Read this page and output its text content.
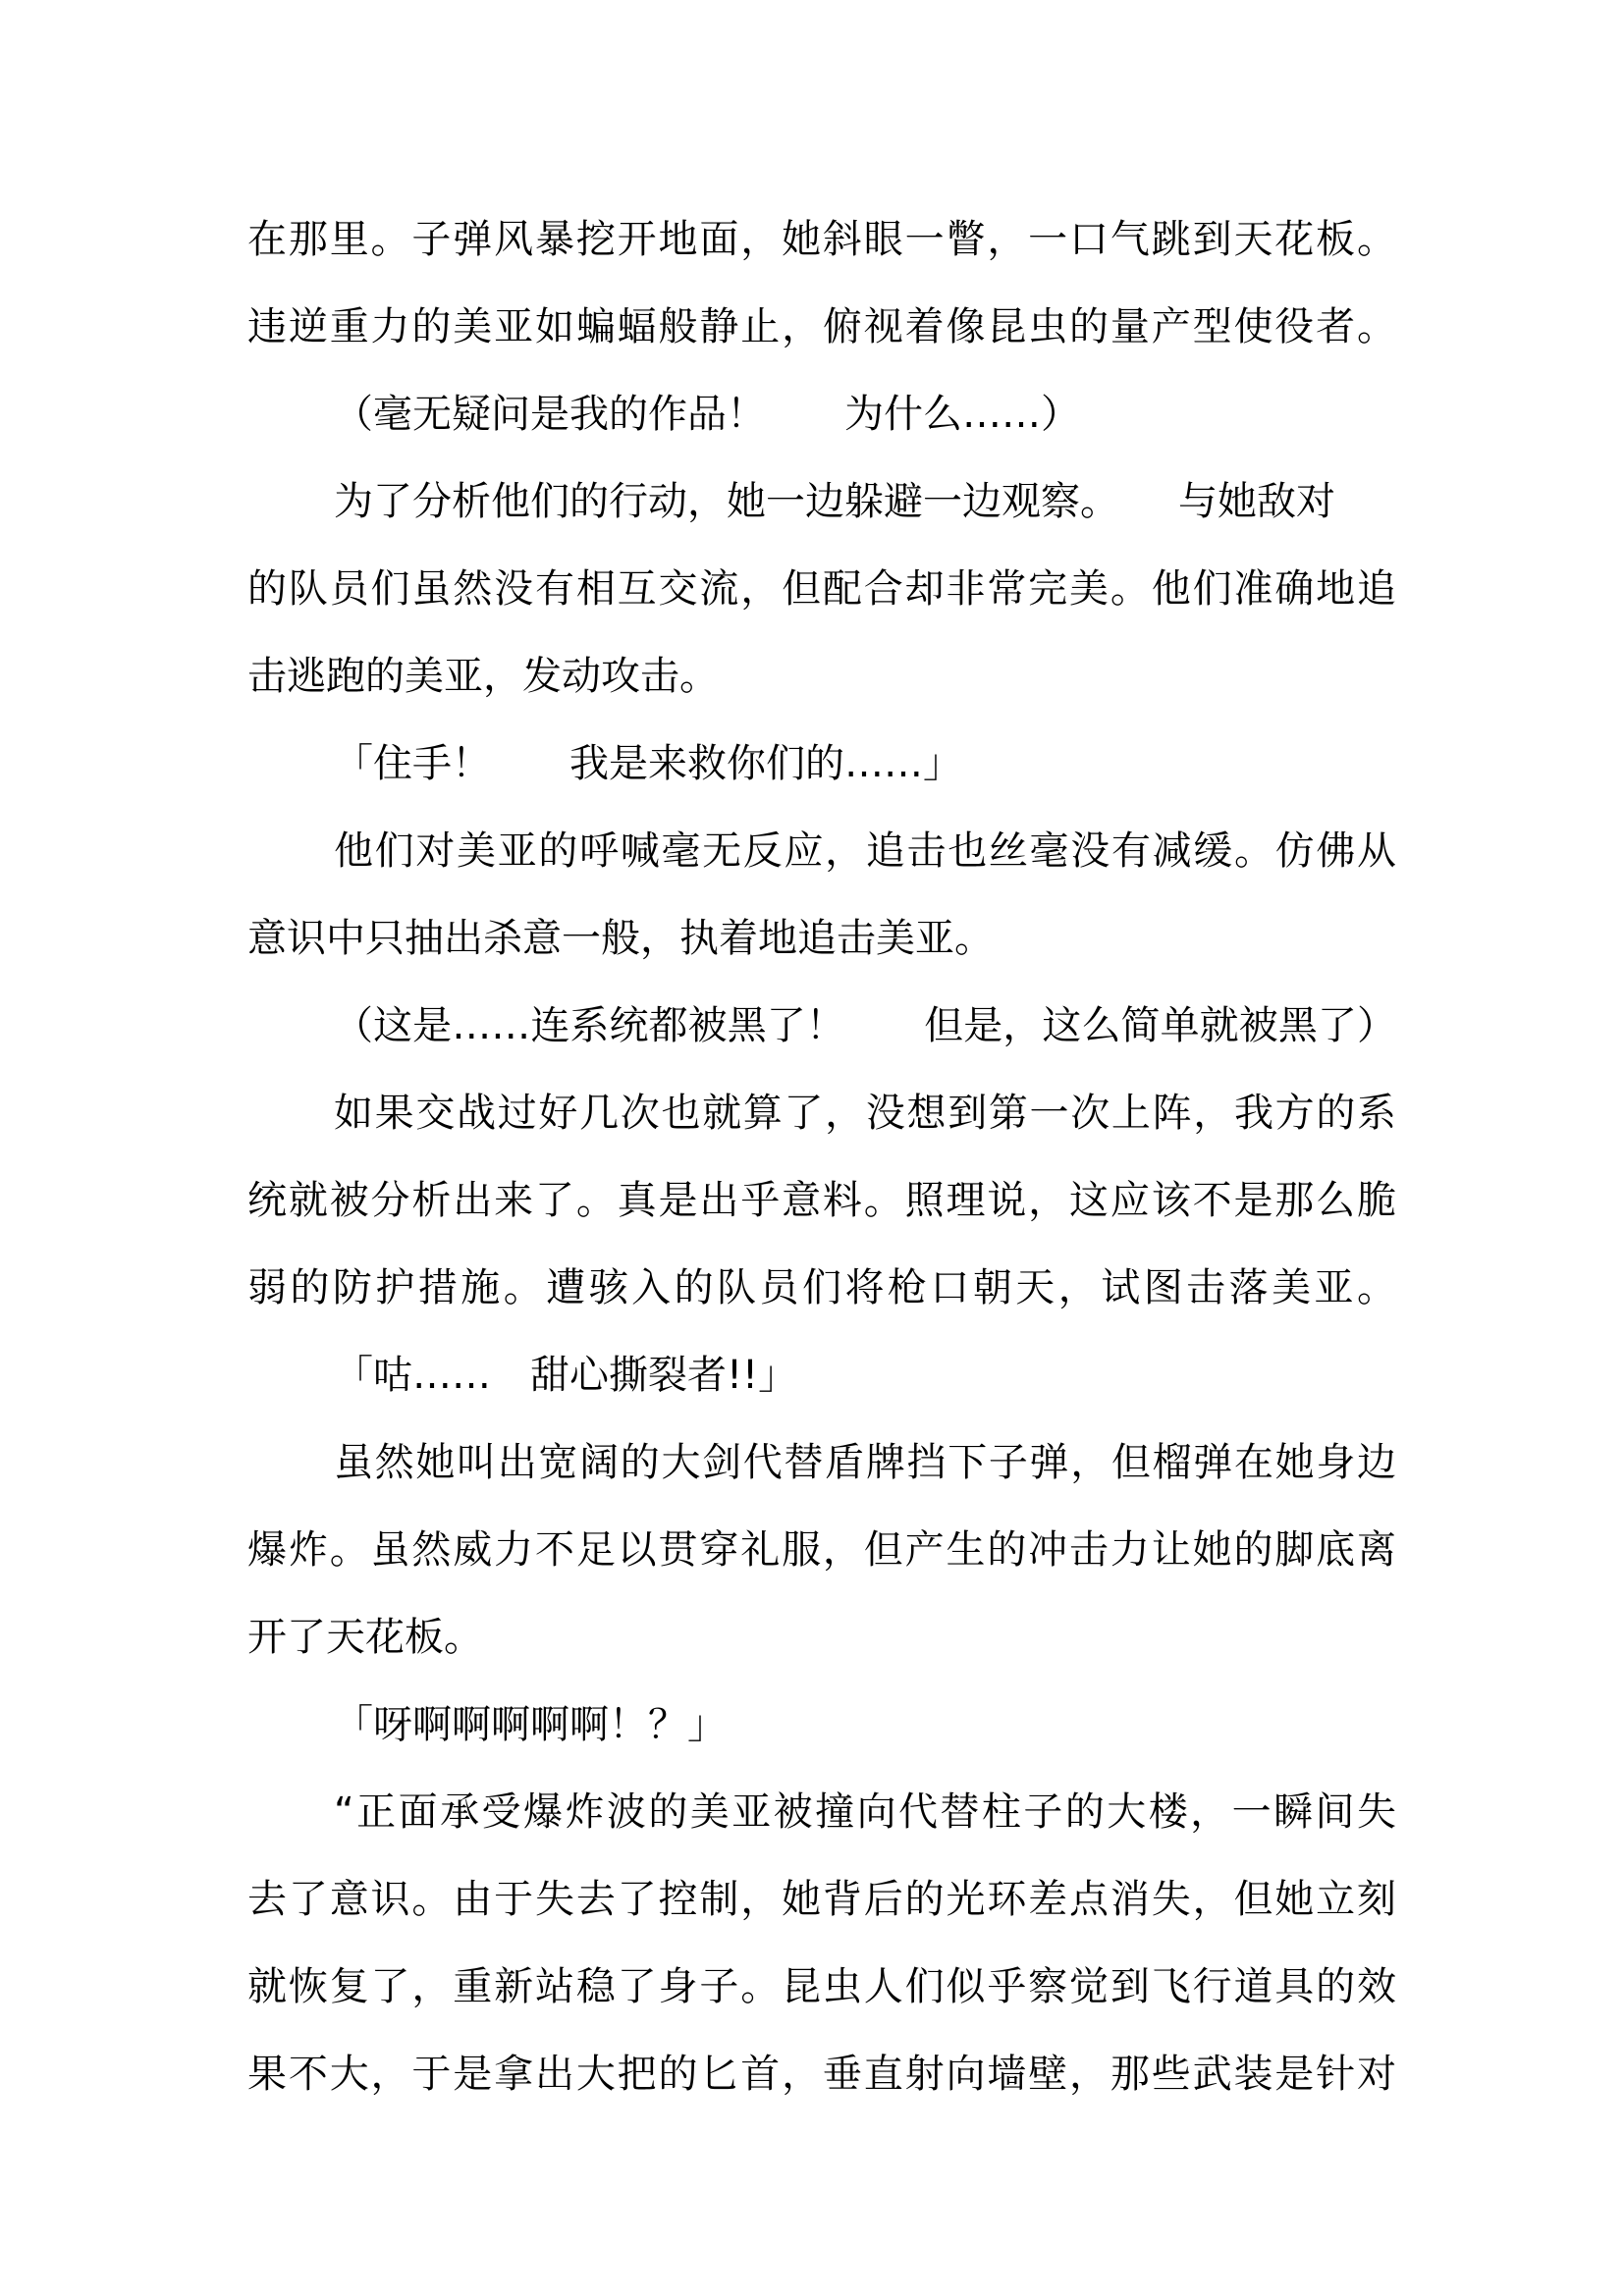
在那里。子弹风暴挖开地面，她斜眼一瞥，一口气跳到天花板。
违逆重力的美亚如蝙蝠般静止，俯视着像昆虫的量产型使役者。
（毫无疑问是我的作品！　　为什么……）
为了分析他们的行动，她一边躲避一边观察。　　与她敌对
的队员们虽然没有相互交流，但配合却非常完美。他们准确地追
击逃跑的美亚，发动攻击。
「住手！　　我是来救你们的……」
他们对美亚的呼喊毫无反应，追击也丝毫没有减缓。仿佛从
意识中只抽出杀意一般，执着地追击美亚。
（这是……连系统都被黑了！　　但是，这么简单就被黑了）
如果交战过好几次也就算了，没想到第一次上阵，我方的系
统就被分析出来了。真是出乎意料。照理说，这应该不是那么脆
弱的防护措施。遭骇入的队员们将枪口朝天，试图击落美亚。
「咕……　甜心撕裂者!!」
虽然她叫出宽阔的大剑代替盾牌挡下子弹，但榴弹在她身边
爆炸。虽然威力不足以贯穿礼服，但产生的冲击力让她的脚底离
开了天花板。
「呀啊啊啊啊啊！？」
“正面承受爆炸波的美亚被撞向代替柱子的大楼，一瞬间失
去了意识。由于失去了控制，她背后的光环差点消失，但她立刻
就恢复了，重新站稳了身子。昆虫人们似乎察觉到飞行道具的效
果不大，于是拿出大把的匕首，垂直射向墙壁，那些武装是针对
